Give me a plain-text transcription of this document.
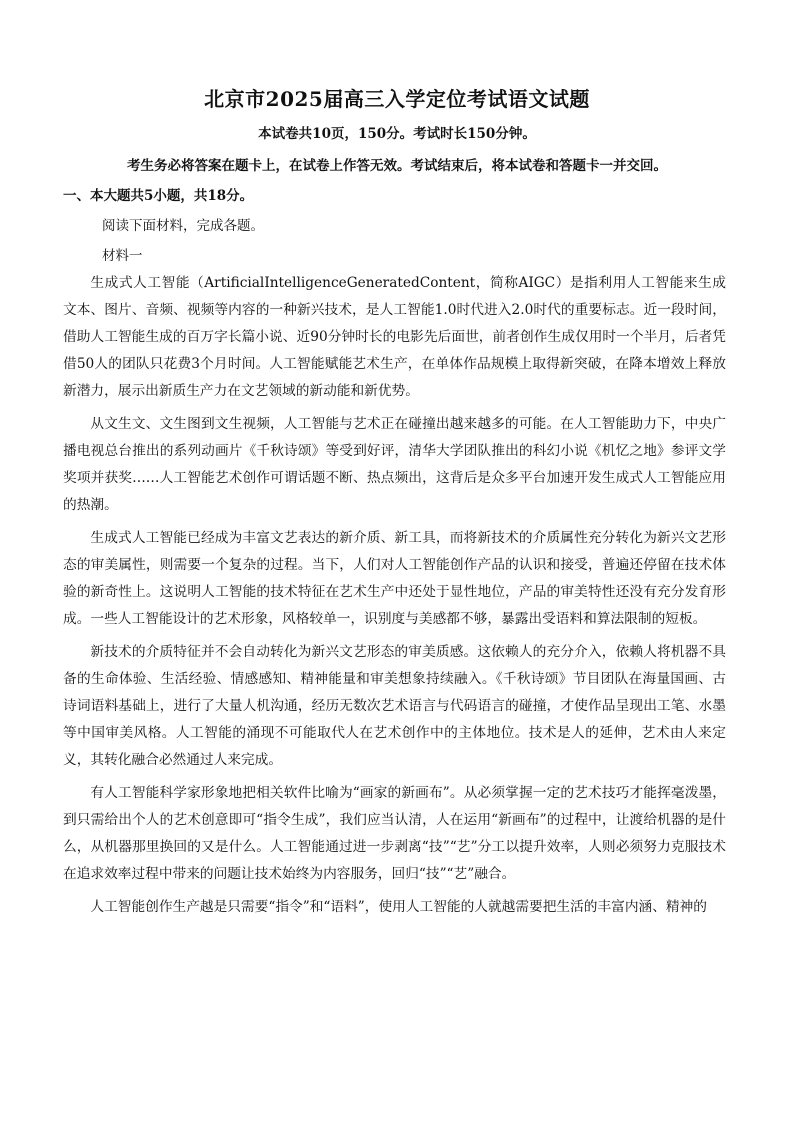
北京市2025届高三入学定位考试语文试题
本试卷共10页，150分。考试时长150分钟。
考生务必将答案在题卡上，在试卷上作答无效。考试结束后，将本试卷和答题卡一并交回。
一、本大题共5小题，共18分。
阅读下面材料，完成各题。
材料一

生成式人工智能（ArtificialIntelligenceGeneratedContent，简称AIGC）是指利用人工智能来生成文本、图片、音频、视频等内容的一种新兴技术，是人工智能1.0时代进入2.0时代的重要标志。近一段时间，借助人工智能生成的百万字长篇小说、近90分钟时长的电影先后面世，前者创作生成仅用时一个半月，后者凭借50人的团队只花费3个月时间。人工智能赋能艺术生产，在单体作品规模上取得新突破，在降本增效上释放新潜力，展示出新质生产力在文艺领域的新动能和新优势。

从文生文、文生图到文生视频，人工智能与艺术正在碰撞出越来越多的可能。在人工智能助力下，中央广播电视总台推出的系列动画片《千秋诗颂》等受到好评，清华大学团队推出的科幻小说《机忆之地》参评文学奖项并获奖……人工智能艺术创作可谓话题不断、热点频出，这背后是众多平台加速开发生成式人工智能应用的热潮。

生成式人工智能已经成为丰富文艺表达的新介质、新工具，而将新技术的介质属性充分转化为新兴文艺形态的审美属性，则需要一个复杂的过程。当下，人们对人工智能创作产品的认识和接受，普遍还停留在技术体验的新奇性上。这说明人工智能的技术特征在艺术生产中还处于显性地位，产品的审美特性还没有充分发育形成。一些人工智能设计的艺术形象，风格较单一，识别度与美感都不够，暴露出受语料和算法限制的短板。

新技术的介质特征并不会自动转化为新兴文艺形态的审美质感。这依赖人的充分介入，依赖人将机器不具备的生命体验、生活经验、情感感知、精神能量和审美想象持续融入。《千秋诗颂》节目团队在海量国画、古诗词语料基础上，进行了大量人机沟通，经历无数次艺术语言与代码语言的碰撞，才使作品呈现出工笔、水墨等中国审美风格。人工智能的涌现不可能取代人在艺术创作中的主体地位。技术是人的延伸，艺术由人来定义，其转化融合必然通过人来完成。

有人工智能科学家形象地把相关软件比喻为“画家的新画布”。从必须掌握一定的艺术技巧才能挥毫泼墨，到只需给出个人的艺术创意即可“指令生成”，我们应当认清，人在运用“新画布”的过程中，让渡给机器的是什么，从机器那里换回的又是什么。人工智能通过进一步剥离“技”“艺”分工以提升效率，人则必须努力克服技术在追求效率过程中带来的问题让技术始终为内容服务，回归“技”“艺”融合。

人工智能创作生产越是只需要“指令”和“语料”，使用人工智能的人就越需要把生活的丰富内涵、精神的
